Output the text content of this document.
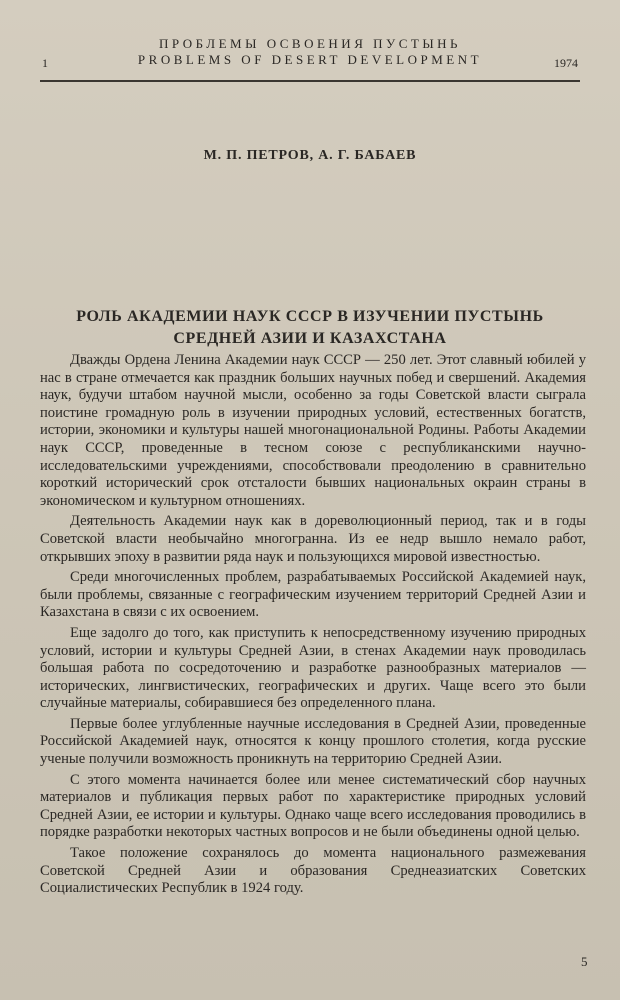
1
ПРОБЛЕМЫ ОСВОЕНИЯ ПУСТЫНЬ
PROBLEMS OF DESERT DEVELOPMENT	1974
М. П. ПЕТРОВ, А. Г. БАБАЕВ
РОЛЬ АКАДЕМИИ НАУК СССР В ИЗУЧЕНИИ ПУСТЫНЬ СРЕДНЕЙ АЗИИ И КАЗАХСТАНА

Дважды Ордена Ленина Академии наук СССР — 250 лет. Этот славный юбилей у нас в стране отмечается как праздник больших научных побед и свершений. Академия наук, будучи штабом научной мысли, особенно за годы Советской власти сыграла поистине громадную роль в изучении природных условий, естественных богатств, истории, экономики и культуры нашей многонациональной Родины. Работы Академии наук СССР, проведенные в тесном союзе с республиканскими научно-исследовательскими учреждениями, способствовали преодолению в сравнительно короткий исторический срок отсталости бывших национальных окраин страны в экономическом и культурном отношениях.

Деятельность Академии наук как в дореволюционный период, так и в годы Советской власти необычайно многогранна. Из ее недр вышло немало работ, открывших эпоху в развитии ряда наук и пользующихся мировой известностью.

Среди многочисленных проблем, разрабатываемых Российской Академией наук, были проблемы, связанные с географическим изучением территорий Средней Азии и Казахстана в связи с их освоением.

Еще задолго до того, как приступить к непосредственному изучению природных условий, истории и культуры Средней Азии, в стенах Академии наук проводилась большая работа по сосредоточению и разработке разнообразных материалов — исторических, лингвистических, географических и других. Чаще всего это были случайные материалы, собиравшиеся без определенного плана.

Первые более углубленные научные исследования в Средней Азии, проведенные Российской Академией наук, относятся к концу прошлого столетия, когда русские ученые получили возможность проникнуть на территорию Средней Азии.

С этого момента начинается более или менее систематический сбор научных материалов и публикация первых работ по характеристике природных условий Средней Азии, ее истории и культуры. Однако чаще всего исследования проводились в порядке разработки некоторых частных вопросов и не были объединены одной целью.

Такое положение сохранялось до момента национального размежевания Советской Средней Азии и образования Среднеазиатских Советских Социалистических Республик в 1924 году.

5
